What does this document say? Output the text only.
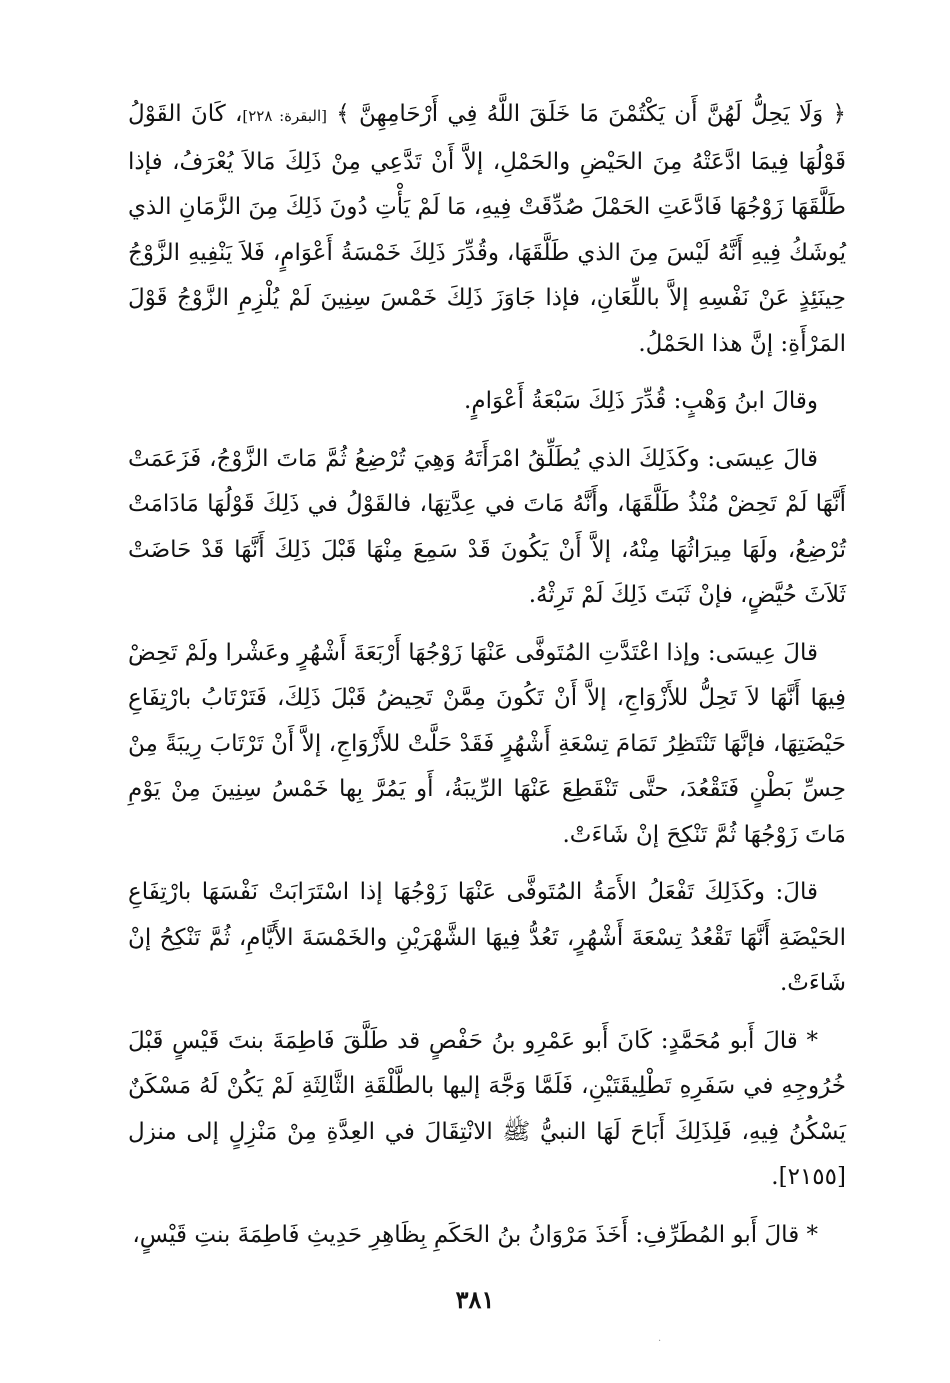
﴿ وَلَا يَحِلُّ لَهُنَّ أَن يَكْتُمْنَ مَا خَلَقَ اللَّهُ فِي أَرْحَامِهِنَّ ﴾ [البقرة: ٢٢٨]، كَانَ القَوْلُ قَوْلُهَا فِيمَا ادَّعَتْهُ مِنَ الحَيْضِ والحَمْلِ، إلاَّ أَنْ تَدَّعِي مِنْ ذَلِكَ مَالاَ يُعْرَفُ، فإذا طَلَّقَهَا زَوْجُهَا فَادَّعَتِ الحَمْلَ صُدِّقَتْ فِيهِ، مَا لَمْ يَأْتِ دُونَ ذَلِكَ مِنَ الزَّمَانِ الذي يُوشَكُ فِيهِ أَنَّهُ لَيْسَ مِنَ الذي طَلَّقَهَا، وقُدِّرَ ذَلِكَ خَمْسَةُ أَعْوَامٍ، فَلاَ يَنْفِيهِ الزَّوْجُ حِينَئِذٍ عَنْ نَفْسِهِ إلاَّ باللِّعَانِ، فإذا جَاوَزَ ذَلِكَ خَمْسَ سِنِينَ لَمْ يُلْزِمِ الزَّوْجُ قَوْلَ المَرْأَةِ: إنَّ هذا الحَمْلُ.

وقالَ ابنُ وَهْبٍ: قُدِّرَ ذَلِكَ سَبْعَةُ أَعْوَامٍ.

قالَ عِيسَى: وكَذَلِكَ الذي يُطَلِّقُ امْرَأَتَهُ وَهِيَ تُرْضِعُ ثُمَّ مَاتَ الزَّوْجُ، فَزَعَمَتْ أَنَّهَا لَمْ تَحِضْ مُنْذُ طَلَّقَهَا، وأَنَّهُ مَاتَ في عِدَّتِهَا، فالقَوْلُ في ذَلِكَ قَوْلُهَا مَادَامَتْ تُرْضِعُ، ولَهَا مِيرَاثُهَا مِنْهُ، إلاَّ أَنْ يَكُونَ قَدْ سَمِعَ مِنْهَا قَبْلَ ذَلِكَ أَنَّهَا قَدْ حَاضَتْ ثَلاَثَ حُيَّضٍ، فإنْ ثَبَتَ ذَلِكَ لَمْ تَرِثْهُ.

قالَ عِيسَى: وإذا اعْتَدَّتِ المُتَوفَّى عَنْهَا زَوْجُهَا أَرْبَعَةَ أَشْهُرٍ وعَشْرا ولَمْ تَحِضْ فِيهَا أَنَّهَا لاَ تَحِلُّ للأَزْوَاجِ، إلاَّ أَنْ تَكُونَ مِمَّنْ تَحِيضُ قَبْلَ ذَلِكَ، فَتَرْتَابُ بارْتِفَاعِ حَيْضَتِهَا، فإنَّهَا تَنْتَظِرُ تَمَامَ تِسْعَةِ أَشْهُرٍ فَقَدْ حَلَّتْ للأَزْوَاجِ، إلاَّ أَنْ تَرْتَابَ رِيبَةً مِنْ حِسِّ بَطْنٍ فَتَقْعُدَ، حتَّى تَنْقَطِعَ عَنْهَا الرِّيبَةُ، أَو يَمُرَّ بِها خَمْسُ سِنِينَ مِنْ يَوْمِ مَاتَ زَوْجُهَا ثُمَّ تَنْكِحَ إنْ شَاءَتْ.

قالَ: وكَذَلِكَ تَفْعَلُ الأَمَةُ المُتَوفَّى عَنْهَا زَوْجُهَا إذا اسْتَرَابَتْ نَفْسَهَا بارْتِفَاعِ الحَيْضَةِ أَنَّهَا تَقْعُدُ تِسْعَةَ أَشْهُرٍ، تَعُدُّ فِيهَا الشَّهْرَيْنِ والخَمْسَةَ الأَيَّامِ، ثُمَّ تَنْكِحُ إنْ شَاءَتْ.

* قالَ أَبو مُحَمَّدٍ: كَانَ أَبو عَمْرِو بنُ حَفْصٍ قد طَلَّقَ فَاطِمَةَ بنتَ قَيْسٍ قَبْلَ خُرُوجِهِ في سَفَرِهِ تَطْلِيقَتَيْنِ، فَلَمَّا وَجَّهَ إليها بالطَّلْقَةِ الثَّالِثَةِ لَمْ يَكُنْ لَهُ مَسْكَنٌ يَسْكُنُ فِيهِ، فَلِذَلِكَ أَبَاحَ لَهَا النبيُّ ﷺ الانْتِقَالَ في العِدَّةِ مِنْ مَنْزِلٍ إلى منزل [٢١٥٥].

* قالَ أَبو المُطَرِّفِ: أَخَذَ مَرْوَانُ بنُ الحَكَمِ بِظَاهِرِ حَدِيثِ فَاطِمَةَ بنتِ قَيْسٍ،

٣٨١
·
